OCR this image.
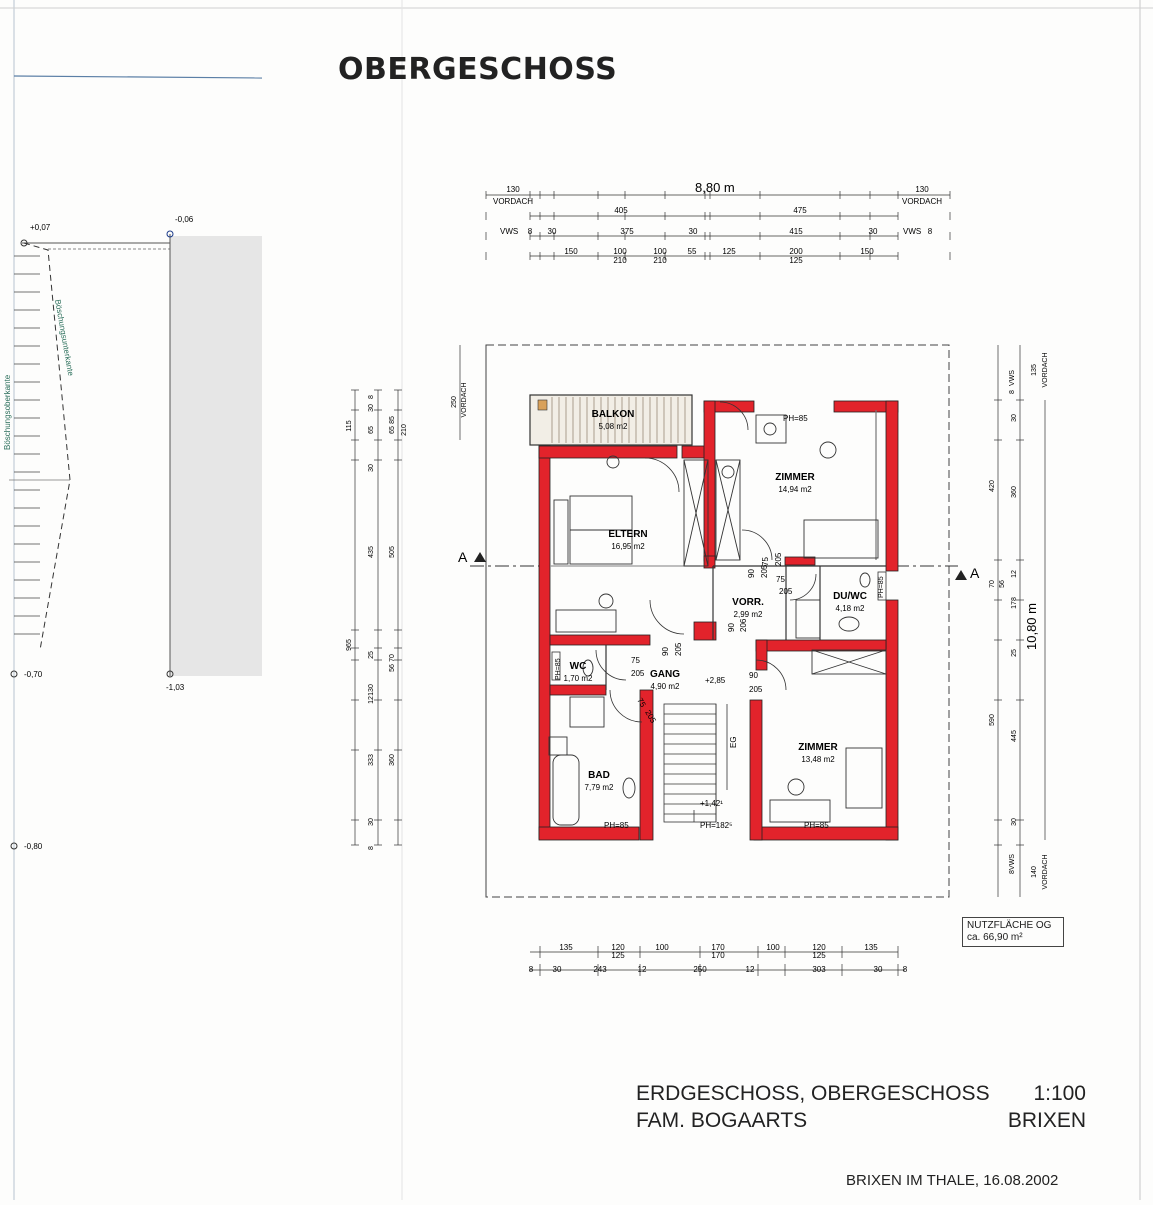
+0,07
-0,06
-0,70
-1,03
-0,80
Böschungsoberkante
Böschungsunterkante
A
A
EG
BALKON
5,08 m2
ELTERN
16,95 m2
ZIMMER
14,94 m2
VORR.
2,99 m2
DU/WC
4,18 m2
WC
1,70 m2	GANG
4,90 m2
BAD
7,79 m2
ZIMMER
13,48 m2
+2,85
+1,42¹
PH=85	PH=182⁵	PH=85
PH=85
PH=85
PH=85
75
205	90
205
75
205
75
205
90 205
90 206
90 205
75 205
8,80 m
130
VORDACH
130
VORDACH
405	475
VWS 8 30	375	30	415	30	VWS 8
150	100
210
100
210
55	125	200
125
150
135	120
125
100	170
170
100	120
125
135
8 30	243	12	250	12	303	30	8
115
965
8
30
65	210
30
435 505
25
130
70
56
12
333 360
30
8
250 VORDACH
65
85
10,80 m
VWS
8
135 VORDACH
420
360
30
70 56
12
178
25
590
445
30
VWS
8 140 VORDACH
OBERGESCHOSS
NUTZFLÄCHE OG
ca. 66,90 m²
ERDGESCHOSS, OBERGESCHOSS 1:100
FAM. BOGAARTS	BRIXEN
BRIXEN IM THALE, 16.08.2002
